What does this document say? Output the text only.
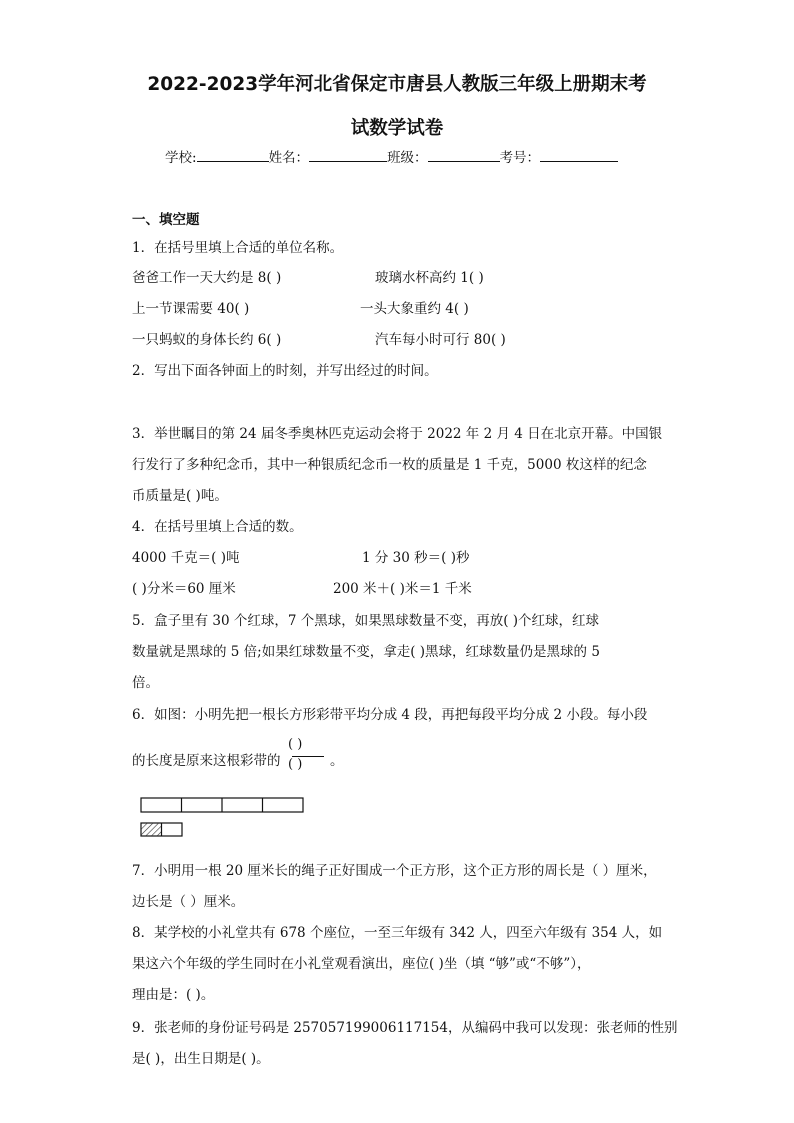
2022-2023学年河北省保定市唐县人教版三年级上册期末考
试数学试卷
学校:	姓名：	班级：	考号：
一、填空题
1．在括号里填上合适的单位名称。
爸爸工作一天大约是 8( )	玻璃水杯高约 1( )
上一节课需要 40( )	一头大象重约 4( )
一只蚂蚁的身体长约 6( )	汽车每小时可行 80( )
2．写出下面各钟面上的时刻，并写出经过的时间。
3．举世瞩目的第 24 届冬季奥林匹克运动会将于 2022 年 2 月 4 日在北京开幕。中国银
行发行了多种纪念币，其中一种银质纪念币一枚的质量是 1 千克，5000 枚这样的纪念
币质量是( )吨。
4．在括号里填上合适的数。
4000 千克＝( )吨	1 分 30 秒＝( )秒
( )分米＝60 厘米	200 米＋( )米＝1 千米
5．盒子里有 30 个红球，7 个黑球，如果黑球数量不变，再放( )个红球，红球
数量就是黑球的 5 倍;如果红球数量不变，拿走( )黑球，红球数量仍是黑球的 5
倍。
6．如图：小明先把一根长方形彩带平均分成 4 段，再把每段平均分成 2 小段。每小段
的长度是原来这根彩带的
( )
( )	。
7．小明用一根 20 厘米长的绳子正好围成一个正方形，这个正方形的周长是（ ）厘米，
边长是（ ）厘米。
8．某学校的小礼堂共有 678 个座位，一至三年级有 342 人，四至六年级有 354 人，如
果这六个年级的学生同时在小礼堂观看演出，座位( )坐（填 “够”或“不够”），
理由是：( )。
9．张老师的身份证号码是 257057199006117154，从编码中我可以发现：张老师的性别
是( )，出生日期是( )。
